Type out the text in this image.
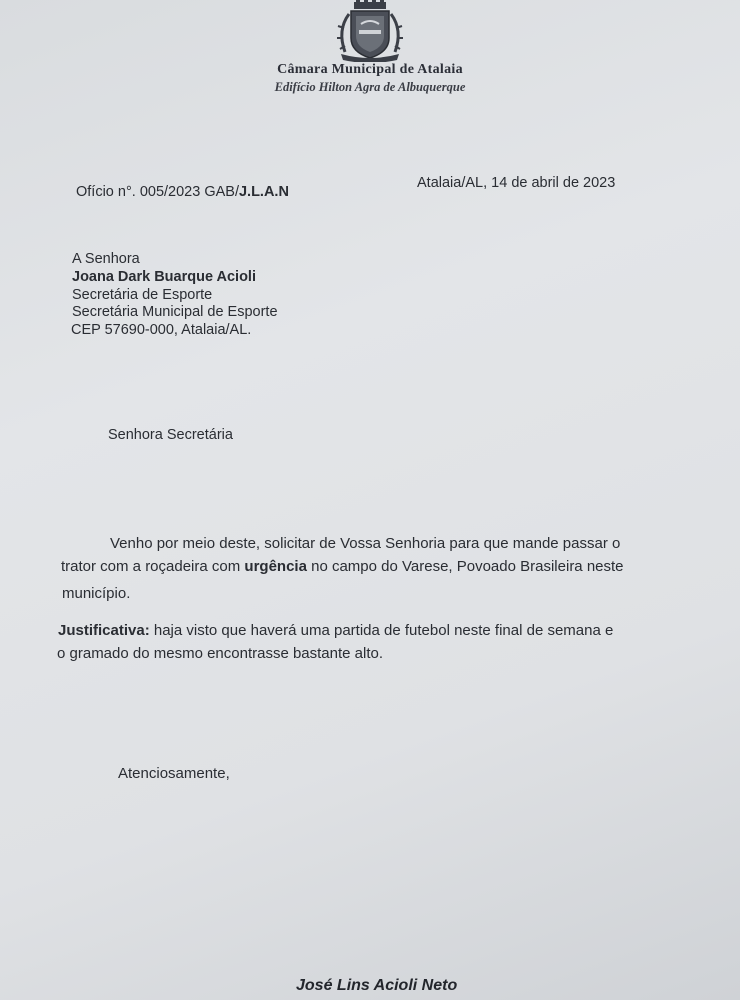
Câmara Municipal de Atalaia
Edifício Hilton Agra de Albuquerque
Ofício n°. 005/2023 GAB/J.L.A.N
Atalaia/AL, 14 de abril de 2023
A Senhora
Joana Dark Buarque Acioli
Secretária de Esporte
Secretária Municipal de Esporte
CEP 57690-000, Atalaia/AL.
Senhora Secretária
Venho por meio deste, solicitar de Vossa Senhoria para que mande passar o
trator com a roçadeira com urgência no campo do Varese, Povoado Brasileira neste
município.
Justificativa: haja visto que haverá uma partida de futebol neste final de semana e
o gramado do mesmo encontrasse bastante alto.
Atenciosamente,
José Lins Acioli Neto
